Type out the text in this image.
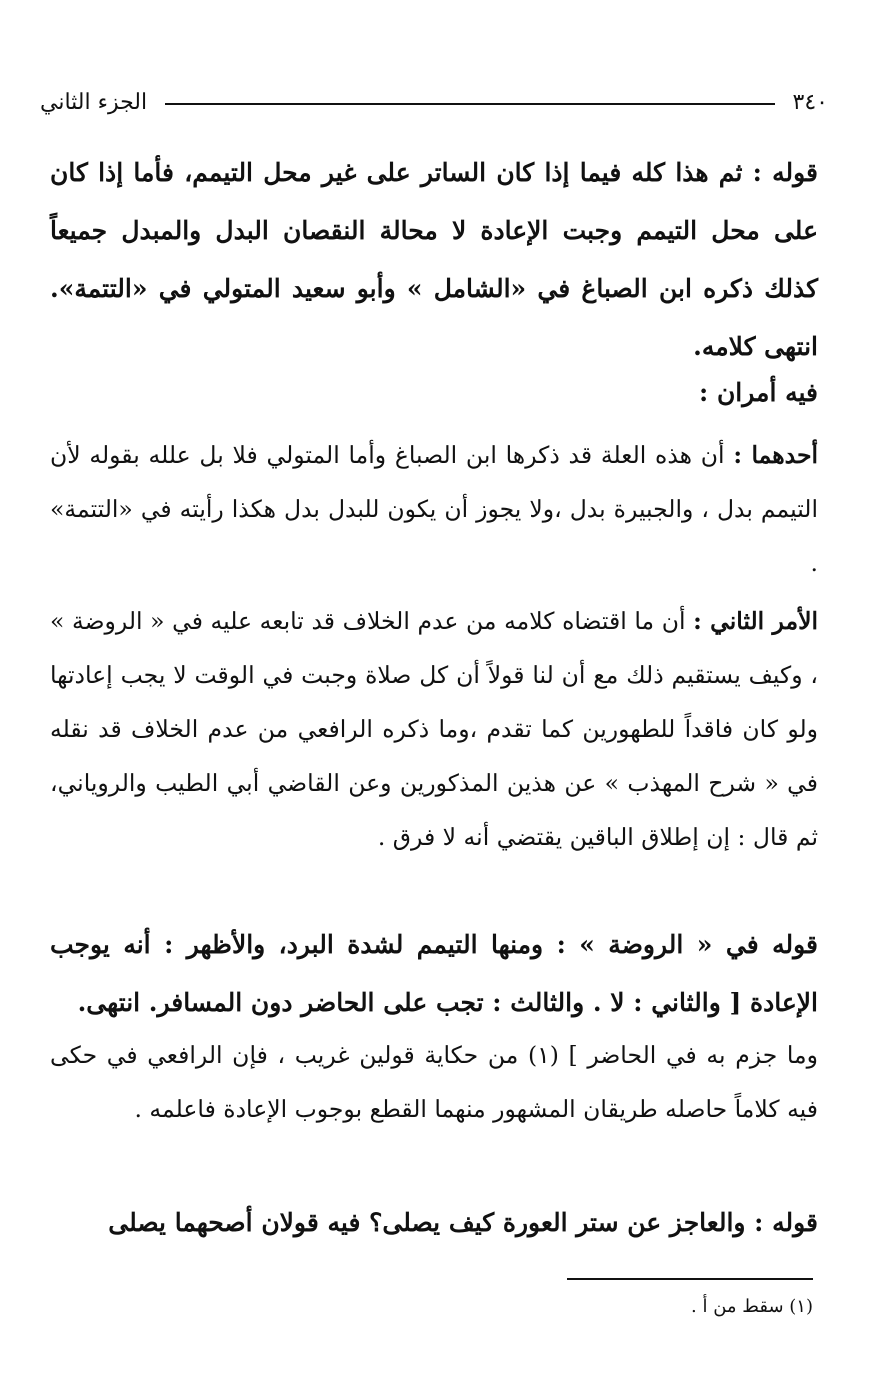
٣٤٠
الجزء الثاني
قوله : ثم هذا كله فيما إذا كان الساتر على غير محل التيمم، فأما إذا كان على محل التيمم وجبت الإعادة لا محالة النقصان البدل والمبدل جميعاً كذلك ذكره ابن الصباغ في «الشامل » وأبو سعيد المتولي في «التتمة». انتهى كلامه.
فيه أمران :
أحدهما : أن هذه العلة قد ذكرها ابن الصباغ وأما المتولي فلا بل علله بقوله لأن التيمم بدل ، والجبيرة بدل ،ولا يجوز أن يكون للبدل بدل هكذا رأيته في «التتمة» .
الأمر الثاني : أن ما اقتضاه كلامه من عدم الخلاف قد تابعه عليه في « الروضة » ، وكيف يستقيم ذلك مع أن لنا قولاً أن كل صلاة وجبت في الوقت لا يجب إعادتها ولو كان فاقداً للطهورين كما تقدم ،وما ذكره الرافعي من عدم الخلاف قد نقله في « شرح المهذب » عن هذين المذكورين وعن القاضي أبي الطيب والروياني، ثم قال : إن إطلاق الباقين يقتضي أنه لا فرق .
قوله في « الروضة » : ومنها التيمم لشدة البرد، والأظهر : أنه يوجب الإعادة [ والثاني : لا . والثالث : تجب على الحاضر دون المسافر. انتهى.
وما جزم به في الحاضر ] (١) من حكاية قولين غريب ، فإن الرافعي في حكى فيه كلاماً حاصله طريقان المشهور منهما القطع بوجوب الإعادة فاعلمه .
قوله : والعاجز عن ستر العورة كيف يصلى؟ فيه قولان أصحهما يصلى
(١) سقط من أ .
